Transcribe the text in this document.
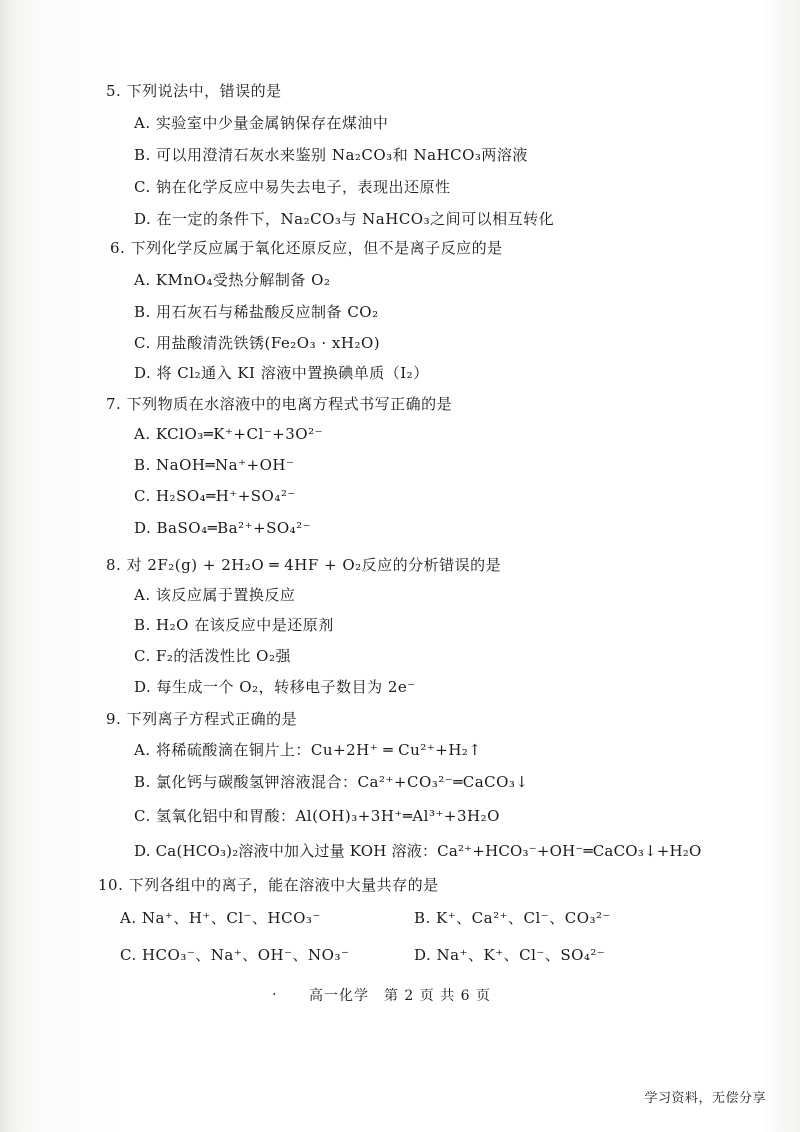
5. 下列说法中，错误的是
A. 实验室中少量金属钠保存在煤油中
B. 可以用澄清石灰水来鉴别 Na₂CO₃和 NaHCO₃两溶液
C. 钠在化学反应中易失去电子，表现出还原性
D. 在一定的条件下，Na₂CO₃与 NaHCO₃之间可以相互转化
6. 下列化学反应属于氧化还原反应，但不是离子反应的是
A. KMnO₄受热分解制备 O₂
B. 用石灰石与稀盐酸反应制备 CO₂
C. 用盐酸清洗铁锈(Fe₂O₃ · xH₂O)
D. 将 Cl₂通入 KI 溶液中置换碘单质（I₂）
7. 下列物质在水溶液中的电离方程式书写正确的是
A. KClO₃═K⁺+Cl⁻+3O²⁻
B. NaOH═Na⁺+OH⁻
C. H₂SO₄═H⁺+SO₄²⁻
D. BaSO₄═Ba²⁺+SO₄²⁻
8. 对 2F₂(g) + 2H₂O ═ 4HF + O₂反应的分析错误的是
A. 该反应属于置换反应
B. H₂O 在该反应中是还原剂
C. F₂的活泼性比 O₂强
D. 每生成一个 O₂，转移电子数目为 2e⁻
9. 下列离子方程式正确的是
A. 将稀硫酸滴在铜片上：Cu+2H⁺ ═ Cu²⁺+H₂↑
B. 氯化钙与碳酸氢钾溶液混合：Ca²⁺+CO₃²⁻═CaCO₃↓
C. 氢氧化铝中和胃酸：Al(OH)₃+3H⁺═Al³⁺+3H₂O
D. Ca(HCO₃)₂溶液中加入过量 KOH 溶液：Ca²⁺+HCO₃⁻+OH⁻═CaCO₃↓+H₂O
10. 下列各组中的离子，能在溶液中大量共存的是
A. Na⁺、H⁺、Cl⁻、HCO₃⁻	B. K⁺、Ca²⁺、Cl⁻、CO₃²⁻
C. HCO₃⁻、Na⁺、OH⁻、NO₃⁻	D. Na⁺、K⁺、Cl⁻、SO₄²⁻
. 高一化学　第 2 页 共 6 页
学习资料，无偿分享
